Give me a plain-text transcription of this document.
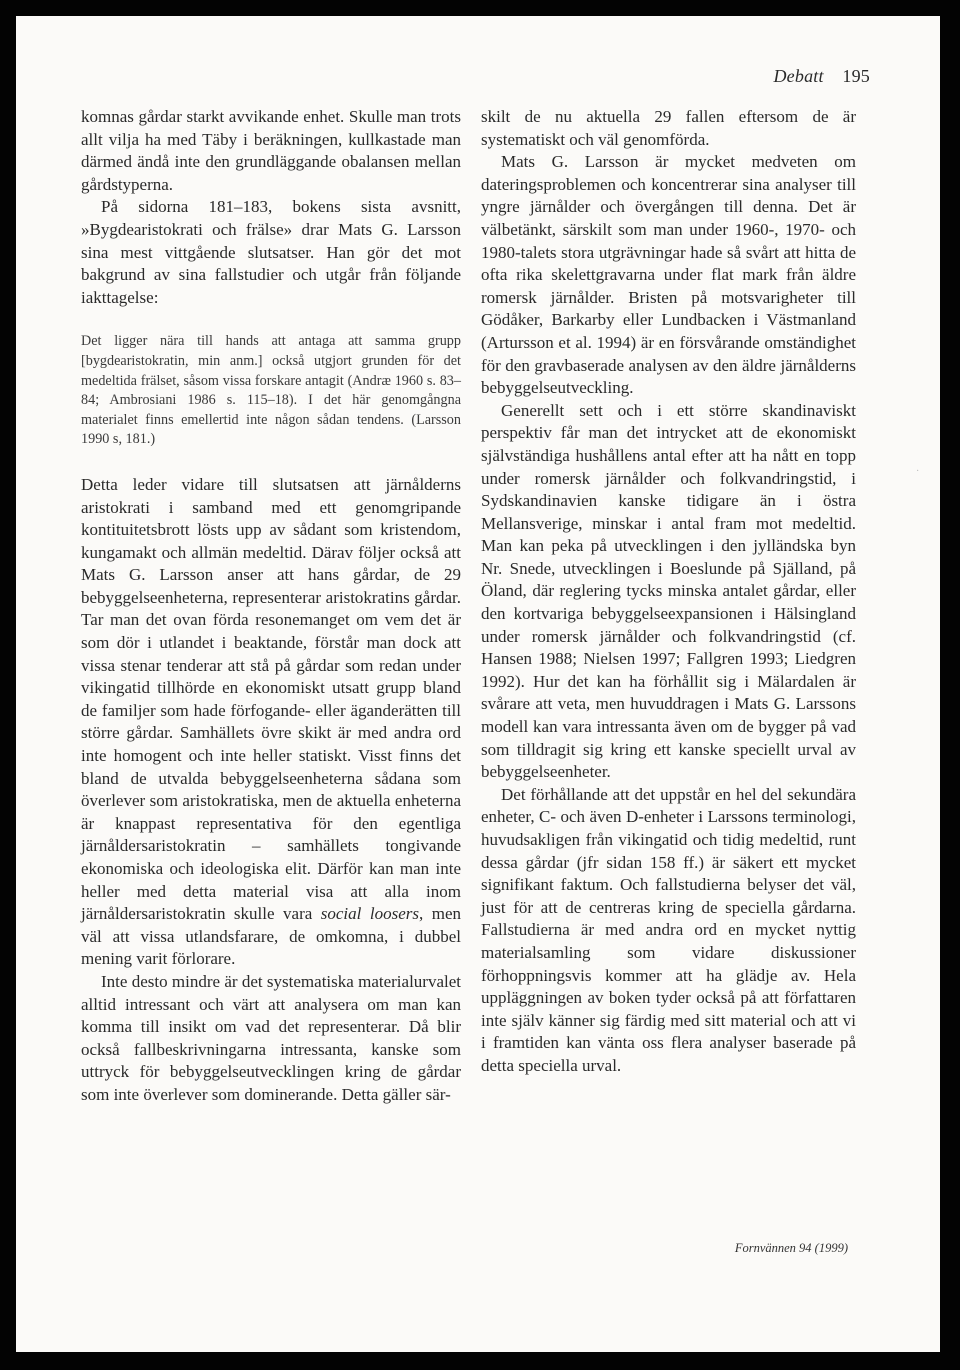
Debatt 195

komnas gårdar starkt avvikande enhet. Skulle man trots allt vilja ha med Täby i beräkningen, kullkastade man därmed ändå inte den grundläggande obalansen mellan gårdstyperna.

På sidorna 181–183, bokens sista avsnitt, »Bygdearistokrati och frälse» drar Mats G. Larsson sina mest vittgående slutsatser. Han gör det mot bakgrund av sina fallstudier och utgår från följande iakttagelse:

Det ligger nära till hands att antaga att samma grupp [bygdearistokratin, min anm.] också utgjort grunden för det medeltida frälset, såsom vissa forskare antagit (Andræ 1960 s. 83–84; Ambrosiani 1986 s. 115–18). I det här genomgångna materialet finns emellertid inte någon sådan tendens. (Larsson 1990 s, 181.)

Detta leder vidare till slutsatsen att järnålderns aristokrati i samband med ett genomgripande kontituitetsbrott lösts upp av sådant som kristendom, kungamakt och allmän medeltid. Därav följer också att Mats G. Larsson anser att hans gårdar, de 29 bebyggelseenheterna, representerar aristokratins gårdar. Tar man det ovan förda resonemanget om vem det är som dör i utlandet i beaktande, förstår man dock att vissa stenar tenderar att stå på gårdar som redan under vikingatid tillhörde en ekonomiskt utsatt grupp bland de familjer som hade förfogande- eller äganderätten till större gårdar. Samhällets övre skikt är med andra ord inte homogent och inte heller statiskt. Visst finns det bland de utvalda bebyggelseenheterna sådana som överlever som aristokratiska, men de aktuella enheterna är knappast representativa för den egentliga järnåldersaristokratin – samhällets tongivande ekonomiska och ideologiska elit. Därför kan man inte heller med detta material visa att alla inom järnåldersaristokratin skulle vara social loosers, men väl att vissa utlandsfarare, de omkomna, i dubbel mening varit förlorare.

Inte desto mindre är det systematiska materialurvalet alltid intressant och värt att analysera om man kan komma till insikt om vad det representerar. Då blir också fallbeskrivningarna intressanta, kanske som uttryck för bebyggelseutvecklingen kring de gårdar som inte överlever som dominerande. Detta gäller sär-

skilt de nu aktuella 29 fallen eftersom de är systematiskt och väl genomförda.

Mats G. Larsson är mycket medveten om dateringsproblemen och koncentrerar sina analyser till yngre järnålder och övergången till denna. Det är välbetänkt, särskilt som man under 1960-, 1970- och 1980-talets stora utgrävningar hade så svårt att hitta de ofta rika skelettgravarna under flat mark från äldre romersk järnålder. Bristen på motsvarigheter till Gödåker, Barkarby eller Lundbacken i Västmanland (Artursson et al. 1994) är en försvårande omständighet för den gravbaserade analysen av den äldre järnålderns bebyggelseutveckling.

Generellt sett och i ett större skandinaviskt perspektiv får man det intrycket att de ekonomiskt självständiga hushållens antal efter att ha nått en topp under romersk järnålder och folkvandringstid, i Sydskandinavien kanske tidigare än i östra Mellansverige, minskar i antal fram mot medeltid. Man kan peka på utvecklingen i den jylländska byn Nr. Snede, utvecklingen i Boeslunde på Själland, på Öland, där reglering tycks minska antalet gårdar, eller den kortvariga bebyggelseexpansionen i Hälsingland under romersk järnålder och folkvandringstid (cf. Hansen 1988; Nielsen 1997; Fallgren 1993; Liedgren 1992). Hur det kan ha förhållit sig i Mälardalen är svårare att veta, men huvuddragen i Mats G. Larssons modell kan vara intressanta även om de bygger på vad som tilldragit sig kring ett kanske speciellt urval av bebyggelseenheter.

Det förhållande att det uppstår en hel del sekundära enheter, C- och även D-enheter i Larssons terminologi, huvudsakligen från vikingatid och tidig medeltid, runt dessa gårdar (jfr sidan 158 ff.) är säkert ett mycket signifikant faktum. Och fallstudierna belyser det väl, just för att de centreras kring de speciella gårdarna. Fallstudierna är med andra ord en mycket nyttig materialsamling som vidare diskussioner förhoppningsvis kommer att ha glädje av. Hela uppläggningen av boken tyder också på att författaren inte själv känner sig färdig med sitt material och att vi i framtiden kan vänta oss flera analyser baserade på detta speciella urval.

Fornvännen 94 (1999)
·
